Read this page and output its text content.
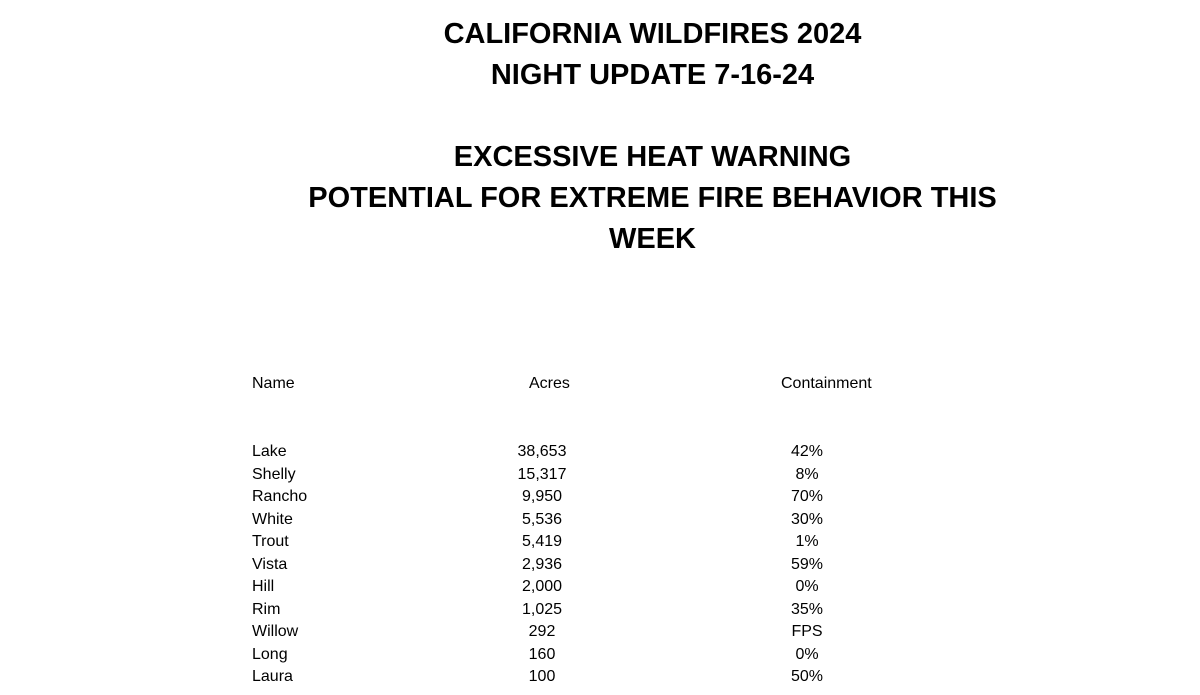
CALIFORNIA WILDFIRES 2024
NIGHT UPDATE 7-16-24
EXCESSIVE HEAT WARNING
POTENTIAL FOR EXTREME FIRE BEHAVIOR THIS
WEEK
Name	Acres	Containment
Lake	38,653	42%
Shelly	15,317	8%
Rancho	9,950	70%
White	5,536	30%
Trout	5,419	1%
Vista	2,936	59%
Hill	2,000	0%
Rim	1,025	35%
Willow	292	FPS
Long	160	0%
Laura	100	50%
